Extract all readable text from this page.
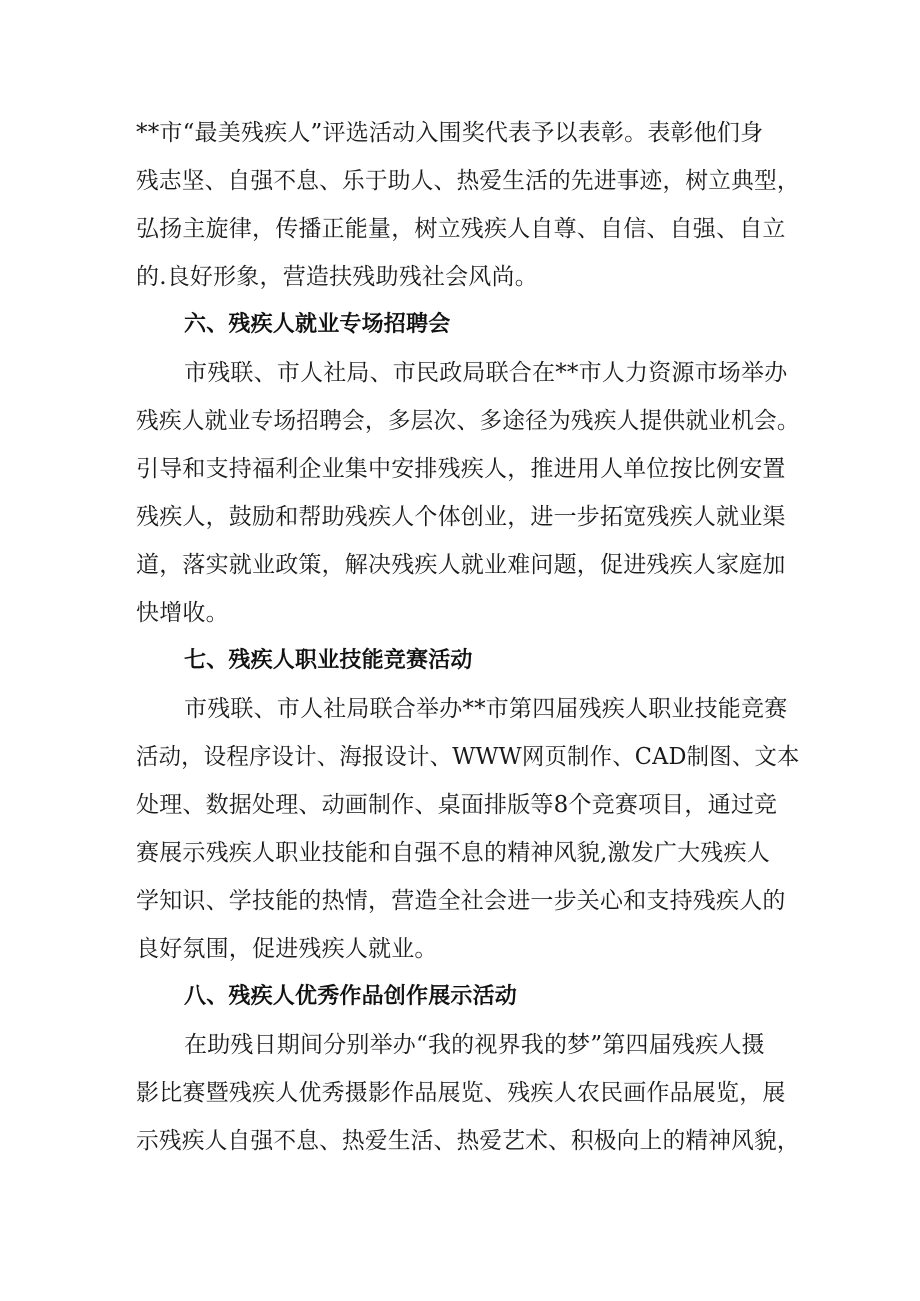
**市“最美残疾人”评选活动入围奖代表予以表彰。表彰他们身
残志坚、自强不息、乐于助人、热爱生活的先进事迹，树立典型，
弘扬主旋律，传播正能量，树立残疾人自尊、自信、自强、自立
的.良好形象，营造扶残助残社会风尚。
六、残疾人就业专场招聘会
市残联、市人社局、市民政局联合在**市人力资源市场举办
残疾人就业专场招聘会，多层次、多途径为残疾人提供就业机会。
引导和支持福利企业集中安排残疾人，推进用人单位按比例安置
残疾人，鼓励和帮助残疾人个体创业，进一步拓宽残疾人就业渠
道，落实就业政策，解决残疾人就业难问题，促进残疾人家庭加
快增收。
七、残疾人职业技能竞赛活动
市残联、市人社局联合举办**市第四届残疾人职业技能竞赛
活动，设程序设计、海报设计、WWW网页制作、CAD制图、文本
处理、数据处理、动画制作、桌面排版等8个竞赛项目，通过竞
赛展示残疾人职业技能和自强不息的精神风貌,激发广大残疾人
学知识、学技能的热情，营造全社会进一步关心和支持残疾人的
良好氛围，促进残疾人就业。
八、残疾人优秀作品创作展示活动
在助残日期间分别举办“我的视界我的梦”第四届残疾人摄
影比赛暨残疾人优秀摄影作品展览、残疾人农民画作品展览，展
示残疾人自强不息、热爱生活、热爱艺术、积极向上的精神风貌，
